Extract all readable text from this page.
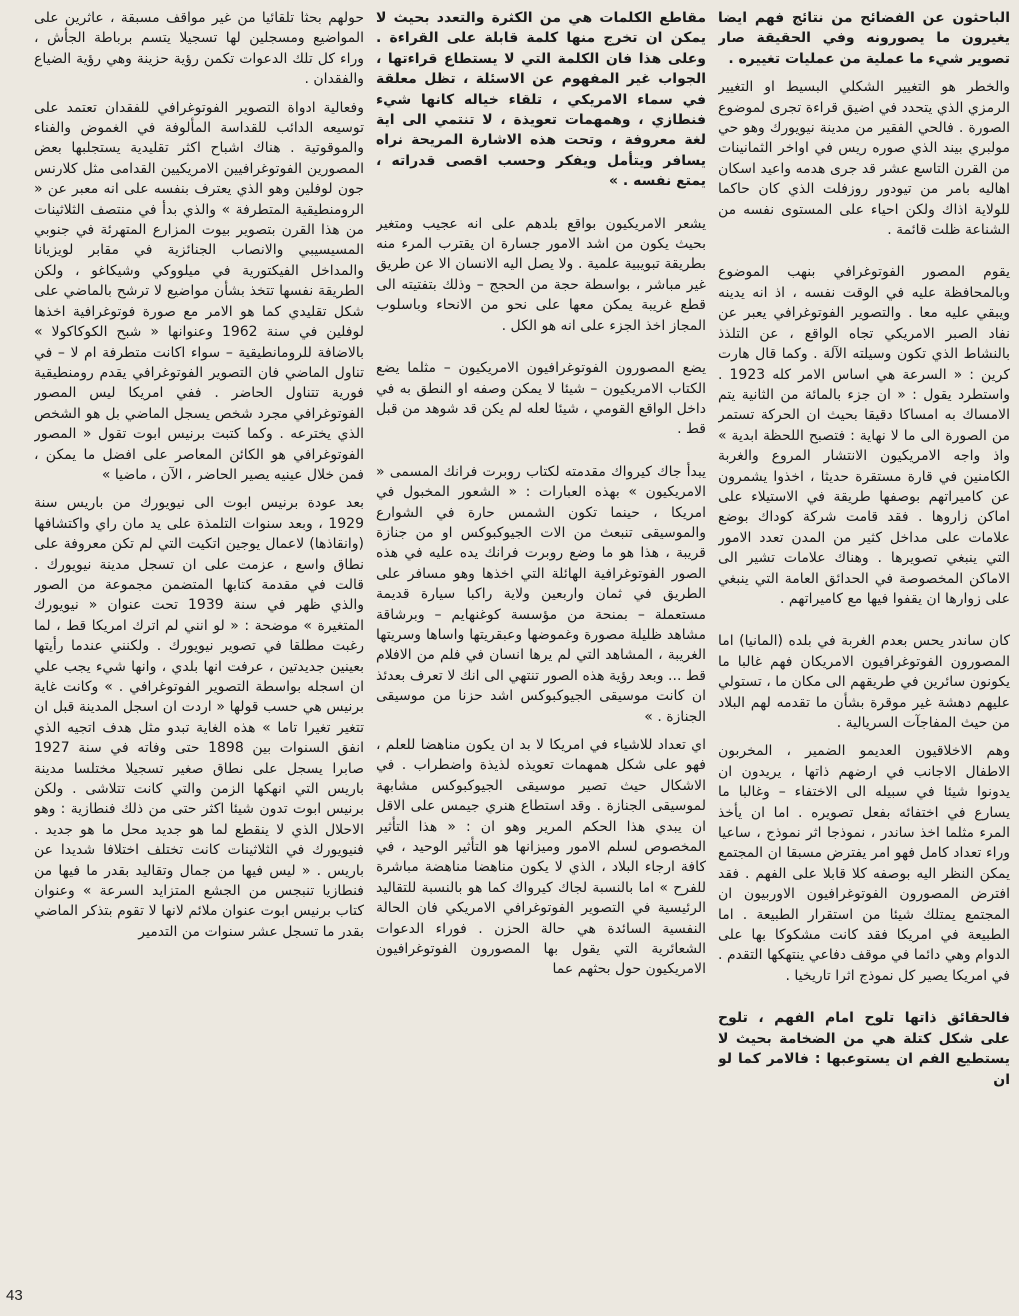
الباحثون عن الفضائح من نتائج فهم ايضا يغيرون ما يصورونه وفي الحقيقة صار تصوير شيء ما عملية من عمليات تغييره .

والخطر هو التغيير الشكلي البسيط او التغيير الرمزي الذي يتحدد في اضيق قراءة تجرى لموضوع الصورة . فالحي الفقير من مدينة نيويورك وهو حي مولبري بيند الذي صوره ريس في اواخر الثمانينات من القرن التاسع عشر قد جرى هدمه واعيد اسكان اهاليه بامر من تيودور روزفلت الذي كان حاكما للولاية اذاك ولكن احياء على المستوى نفسه من الشناعة ظلت قائمة .

يقوم المصور الفوتوغرافي بنهب الموضوع وبالمحافظة عليه في الوقت نفسه ، اذ انه يدينه ويبقي عليه معا . والتصوير الفوتوغرافي يعبر عن نفاد الصبر الامريكي تجاه الواقع ، عن التلذذ بالنشاط الذي تكون وسيلته الآلة . وكما قال هارت كرين : « السرعة هي اساس الامر كله 1923 . واستطرد يقول : « ان جزء بالمائة من الثانية يتم الامساك به امساكا دقيقا بحيث ان الحركة تستمر من الصورة الى ما لا نهاية : فتصبح اللحظة ابدية » واذ واجه الامريكيون الانتشار المروع والغربة الكامنين في قارة مستقرة حديثا ، اخذوا يشمرون عن كاميراتهم بوصفها طريقة في الاستيلاء على اماكن زاروها . فقد قامت شركة كوداك بوضع علامات على مداخل كثير من المدن تعدد الامور التي ينبغي تصويرها . وهناك علامات تشير الى الاماكن المخصوصة في الحدائق العامة التي ينبغي على زوارها ان يقفوا فيها مع كاميراتهم .

كان ساندر يحس بعدم الغربة في بلده (المانيا) اما المصورون الفوتوغرافيون الامريكان فهم غالبا ما يكونون سائرين في طريقهم الى مكان ما ، تستولي عليهم دهشة غير موقرة بشأن ما تقدمه لهم البلاد من حيث المفاجآت السريالية .

وهم الاخلاقيون العديمو الضمير ، المخربون الاطفال الاجانب في ارضهم ذاتها ، يريدون ان يدونوا شيئا في سبيله الى الاختفاء – وغالبا ما يسارع في اختفائه بفعل تصويره . اما ان يأخذ المرء مثلما اخذ ساندر ، نموذجا اثر نموذج ، ساعيا وراء تعداد كامل فهو امر يفترض مسبقا ان المجتمع يمكن النظر اليه بوصفه كلا قابلا على الفهم . فقد افترض المصورون الفوتوغرافيون الاوربيون ان المجتمع يمتلك شيئا من استقرار الطبيعة . اما الطبيعة في امريكا فقد كانت مشكوكا بها على الدوام وهي دائما في موقف دفاعي ينتهكها التقدم . في امريكا يصير كل نموذج اثرا تاريخيا .

فالحقائق ذاتها تلوح امام الفهم ، تلوح على شكل كتلة هي من الضخامة بحيث لا يستطيع الفم ان يستوعبها : فالامر كما لو ان

مقاطع الكلمات هي من الكثرة والتعدد بحيث لا يمكن ان تخرج منها كلمة قابلة على القراءة . وعلى هذا فان الكلمة التي لا يستطاع قراءتها ، الجواب غير المفهوم عن الاسئلة ، تظل معلقة في سماء الامريكي ، تلقاء خياله كانها شيء فنطازي ، وهمهمات تعويذة ، لا تنتمي الى اية لغة معروفة ، وتحت هذه الاشارة المريحة نراه يسافر ويتأمل ويفكر وحسب اقصى قدراته ، يمتع نفسه . »

يشعر الامريكيون بواقع بلدهم على انه عجيب ومتغير بحيث يكون من اشد الامور جسارة ان يقترب المرء منه بطريقة تبويبية علمية . ولا يصل اليه الانسان الا عن طريق غير مباشر ، بواسطة حجة من الحجج – وذلك بتفتيته الى قطع غريبة يمكن معها على نحو من الانحاء وباسلوب المجاز اخذ الجزء على انه هو الكل .

يضع المصورون الفوتوغرافيون الامريكيون – مثلما يضع الكتاب الامريكيون – شيئا لا يمكن وصفه او النطق به في داخل الواقع القومي ، شيئا لعله لم يكن قد شوهد من قبل قط .

يبدأ جاك كيرواك مقدمته لكتاب روبرت فرانك المسمى « الامريكيون » بهذه العبارات : « الشعور المخبول في امريكا ، حينما تكون الشمس حارة في الشوارع والموسيقى تنبعث من الات الجيوكبوكس او من جنازة قريبة ، هذا هو ما وضع روبرت فرانك يده عليه في هذه الصور الفوتوغرافية الهائلة التي اخذها وهو مسافر على الطريق في ثمان واربعين ولاية راكبا سيارة قديمة مستعملة – بمنحة من مؤسسة كوغنهايم – وبرشاقة مشاهد ظليلة مصورة وغموضها وعبقريتها واساها وسريتها الغريبة ، المشاهد التي لم يرها انسان في فلم من الافلام قط ... وبعد رؤية هذه الصور تنتهي الى انك لا تعرف بعدئذ ان كانت موسيقى الجيوكبوكس اشد حزنا من موسيقى الجنازة . »

اي تعداد للاشياء في امريكا لا بد ان يكون مناهضا للعلم ، فهو على شكل همهمات تعويذه لذيذة واضطراب . في الاشكال حيث تصير موسيقى الجيوكبوكس مشابهة لموسيقى الجنازة . وقد استطاع هنري جيمس على الاقل ان يبدي هذا الحكم المرير وهو ان : « هذا التأثير المخصوص لسلم الامور وميزانها هو التأثير الوحيد ، في كافة ارجاء البلاد ، الذي لا يكون مناهضا مناهضة مباشرة للفرح » اما بالنسبة لجاك كيرواك كما هو بالنسبة للتقاليد الرئيسية في التصوير الفوتوغرافي الامريكي فان الحالة النفسية السائدة هي حالة الحزن . فوراء الدعوات الشعائرية التي يقول بها المصورون الفوتوغرافيون الامريكيون حول بحثهم عما

حولهم بحثا تلقائيا من غير مواقف مسبقة ، عاثرين على المواضيع ومسجلين لها تسجيلا يتسم برباطة الجأش ، وراء كل تلك الدعوات تكمن رؤية حزينة وهي رؤية الضياع والفقدان .

وفعالية ادواة التصوير الفوتوغرافي للفقدان تعتمد على توسيعه الدائب للقداسة المألوفة في الغموض والفناء والموقوتية . هناك اشباح اكثر تقليدية يستجلبها بعض المصورين الفوتوغرافيين الامريكيين القدامى مثل كلارنس جون لوفلين وهو الذي يعترف بنفسه على انه معبر عن « الرومنطيقية المتطرفة » والذي بدأ في منتصف الثلاثينات من هذا القرن بتصوير بيوت المزارع المتهرئة في جنوبي المسيسيبي والانصاب الجنائزية في مقابر لويزيانا والمداخل الفيكتورية في ميلووكي وشيكاغو ، ولكن الطريقة نفسها تتخذ بشأن مواضيع لا ترشح بالماضي على شكل تقليدي كما هو الامر مع صورة فوتوغرافية اخذها لوفلين في سنة 1962 وعنوانها « شبح الكوكاكولا » بالاضافة للرومانطيقية – سواء اكانت متطرفة ام لا – في تناول الماضي فان التصوير الفوتوغرافي يقدم رومنطيقية فورية تتناول الحاضر . ففي امريكا ليس المصور الفوتوغرافي مجرد شخص يسجل الماضي بل هو الشخص الذي يخترعه . وكما كتبت برنيس ابوت تقول « المصور الفوتوغرافي هو الكائن المعاصر على افضل ما يمكن ، فمن خلال عينيه يصير الحاضر ، الآن ، ماضيا »

بعد عودة برنيس ابوت الى نيويورك من باريس سنة 1929 ، وبعد سنوات التلمذة على يد مان راي واكتشافها (وانقاذها) لاعمال يوجين اتكيت التي لم تكن معروفة على نطاق واسع ، عزمت على ان تسجل مدينة نيويورك . قالت في مقدمة كتابها المتضمن مجموعة من الصور والذي ظهر في سنة 1939 تحت عنوان « نيويورك المتغيرة » موضحة : « لو انني لم اترك امريكا قط ، لما رغبت مطلقا في تصوير نيويورك . ولكنني عندما رأيتها بعينين جديدتين ، عرفت انها بلدي ، وانها شيء يجب علي ان اسجله بواسطة التصوير الفوتوغرافي . » وكانت غاية برنيس هي حسب قولها « اردت ان اسجل المدينة قبل ان تتغير تغيرا تاما » هذه الغاية تبدو مثل هدف اتجيه الذي انفق السنوات بين 1898 حتى وفاته في سنة 1927 صابرا يسجل على نطاق صغير تسجيلا مختلسا مدينة باريس التي انهكها الزمن والتي كانت تتلاشى . ولكن برنيس ابوت تدون شيئا اكثر حتى من ذلك فنطازية : وهو الاحلال الذي لا ينقطع لما هو جديد محل ما هو جديد . فنيويورك في الثلاثينات كانت تختلف اختلافا شديدا عن باريس . « ليس فيها من جمال وتقاليد بقدر ما فيها من فنطازيا تنبجس من الجشع المتزايد السرعة » وعنوان كتاب برنيس ابوت عنوان ملائم لانها لا تقوم بتذكر الماضي بقدر ما تسجل عشر سنوات من التدمير

43
